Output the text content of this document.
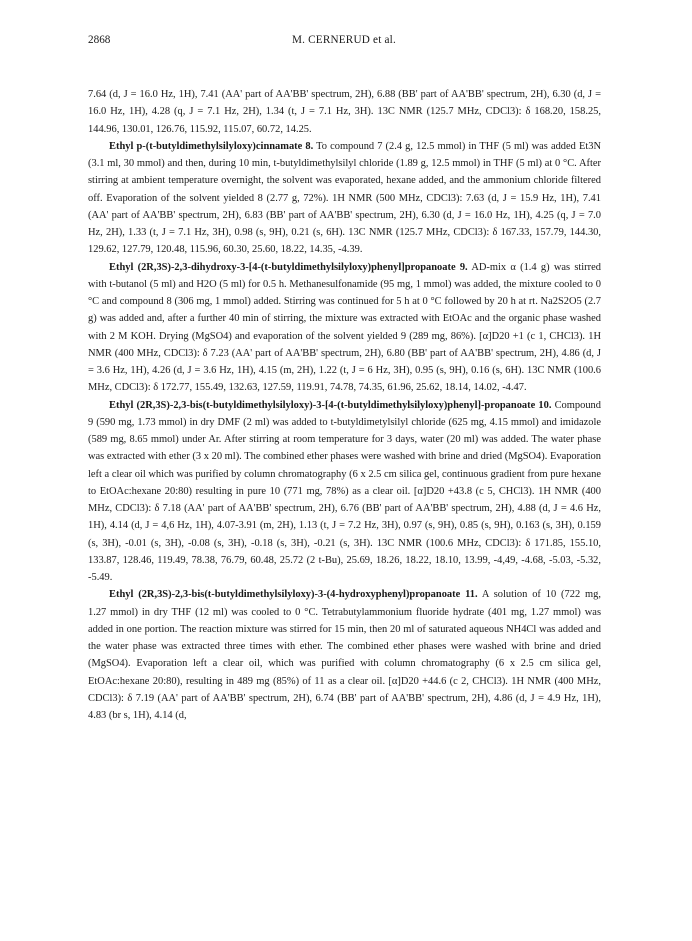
2868	M. CERNERUD et al.

7.64 (d, J = 16.0 Hz, 1H), 7.41 (AA' part of AA'BB' spectrum, 2H), 6.88 (BB' part of AA'BB' spectrum, 2H), 6.30 (d, J = 16.0 Hz, 1H), 4.28 (q, J = 7.1 Hz, 2H), 1.34 (t, J = 7.1 Hz, 3H). 13C NMR (125.7 MHz, CDCl3): δ 168.20, 158.25, 144.96, 130.01, 126.76, 115.92, 115.07, 60.72, 14.25.

Ethyl p-(t-butyldimethylsilyloxy)cinnamate 8. To compound 7 (2.4 g, 12.5 mmol) in THF (5 ml) was added Et3N (3.1 ml, 30 mmol) and then, during 10 min, t-butyldimethylsilyl chloride (1.89 g, 12.5 mmol) in THF (5 ml) at 0 °C. After stirring at ambient temperature overnight, the solvent was evaporated, hexane added, and the ammonium chloride filtered off. Evaporation of the solvent yielded 8 (2.77 g, 72%). 1H NMR (500 MHz, CDCl3): 7.63 (d, J = 15.9 Hz, 1H), 7.41 (AA' part of AA'BB' spectrum, 2H), 6.83 (BB' part of AA'BB' spectrum, 2H), 6.30 (d, J = 16.0 Hz, 1H), 4.25 (q, J = 7.0 Hz, 2H), 1.33 (t, J = 7.1 Hz, 3H), 0.98 (s, 9H), 0.21 (s, 6H). 13C NMR (125.7 MHz, CDCl3): δ 167.33, 157.79, 144.30, 129.62, 127.79, 120.48, 115.96, 60.30, 25.60, 18.22, 14.35, -4.39.

Ethyl (2R,3S)-2,3-dihydroxy-3-[4-(t-butyldimethylsilyloxy)phenyl]propanoate 9. AD-mix α (1.4 g) was stirred with t-butanol (5 ml) and H2O (5 ml) for 0.5 h. Methanesulfonamide (95 mg, 1 mmol) was added, the mixture cooled to 0 °C and compound 8 (306 mg, 1 mmol) added. Stirring was continued for 5 h at 0 °C followed by 20 h at rt. Na2S2O5 (2.7 g) was added and, after a further 40 min of stirring, the mixture was extracted with EtOAc and the organic phase washed with 2 M KOH. Drying (MgSO4) and evaporation of the solvent yielded 9 (289 mg, 86%). [α]D20 +1 (c 1, CHCl3). 1H NMR (400 MHz, CDCl3): δ 7.23 (AA' part of AA'BB' spectrum, 2H), 6.80 (BB' part of AA'BB' spectrum, 2H), 4.86 (d, J = 3.6 Hz, 1H), 4.26 (d, J = 3.6 Hz, 1H), 4.15 (m, 2H), 1.22 (t, J = 6 Hz, 3H), 0.95 (s, 9H), 0.16 (s, 6H). 13C NMR (100.6 MHz, CDCl3): δ 172.77, 155.49, 132.63, 127.59, 119.91, 74.78, 74.35, 61.96, 25.62, 18.14, 14.02, -4.47.

Ethyl (2R,3S)-2,3-bis(t-butyldimethylsilyloxy)-3-[4-(t-butyldimethylsilyloxy)phenyl]-propanoate 10. Compound 9 (590 mg, 1.73 mmol) in dry DMF (2 ml) was added to t-butyldimetylsilyl chloride (625 mg, 4.15 mmol) and imidazole (589 mg, 8.65 mmol) under Ar. After stirring at room temperature for 3 days, water (20 ml) was added. The water phase was extracted with ether (3 x 20 ml). The combined ether phases were washed with brine and dried (MgSO4). Evaporation left a clear oil which was purified by column chromatography (6 x 2.5 cm silica gel, continuous gradient from pure hexane to EtOAc:hexane 20:80) resulting in pure 10 (771 mg, 78%) as a clear oil. [α]D20 +43.8 (c 5, CHCl3). 1H NMR (400 MHz, CDCl3): δ 7.18 (AA' part of AA'BB' spectrum, 2H), 6.76 (BB' part of AA'BB' spectrum, 2H), 4.88 (d, J = 4.6 Hz, 1H), 4.14 (d, J = 4,6 Hz, 1H), 4.07-3.91 (m, 2H), 1.13 (t, J = 7.2 Hz, 3H), 0.97 (s, 9H), 0.85 (s, 9H), 0.163 (s, 3H), 0.159 (s, 3H), -0.01 (s, 3H), -0.08 (s, 3H), -0.18 (s, 3H), -0.21 (s, 3H). 13C NMR (100.6 MHz, CDCl3): δ 171.85, 155.10, 133.87, 128.46, 119.49, 78.38, 76.79, 60.48, 25.72 (2 t-Bu), 25.69, 18.26, 18.22, 18.10, 13.99, -4,49, -4.68, -5.03, -5.32, -5.49.

Ethyl (2R,3S)-2,3-bis(t-butyldimethylsilyloxy)-3-(4-hydroxyphenyl)propanoate 11. A solution of 10 (722 mg, 1.27 mmol) in dry THF (12 ml) was cooled to 0 °C. Tetrabutylammonium fluoride hydrate (401 mg, 1.27 mmol) was added in one portion. The reaction mixture was stirred for 15 min, then 20 ml of saturated aqueous NH4Cl was added and the water phase was extracted three times with ether. The combined ether phases were washed with brine and dried (MgSO4). Evaporation left a clear oil, which was purified with column chromatography (6 x 2.5 cm silica gel, EtOAc:hexane 20:80), resulting in 489 mg (85%) of 11 as a clear oil. [α]D20 +44.6 (c 2, CHCl3). 1H NMR (400 MHz, CDCl3): δ 7.19 (AA' part of AA'BB' spectrum, 2H), 6.74 (BB' part of AA'BB' spectrum, 2H), 4.86 (d, J = 4.9 Hz, 1H), 4.83 (br s, 1H), 4.14 (d,
